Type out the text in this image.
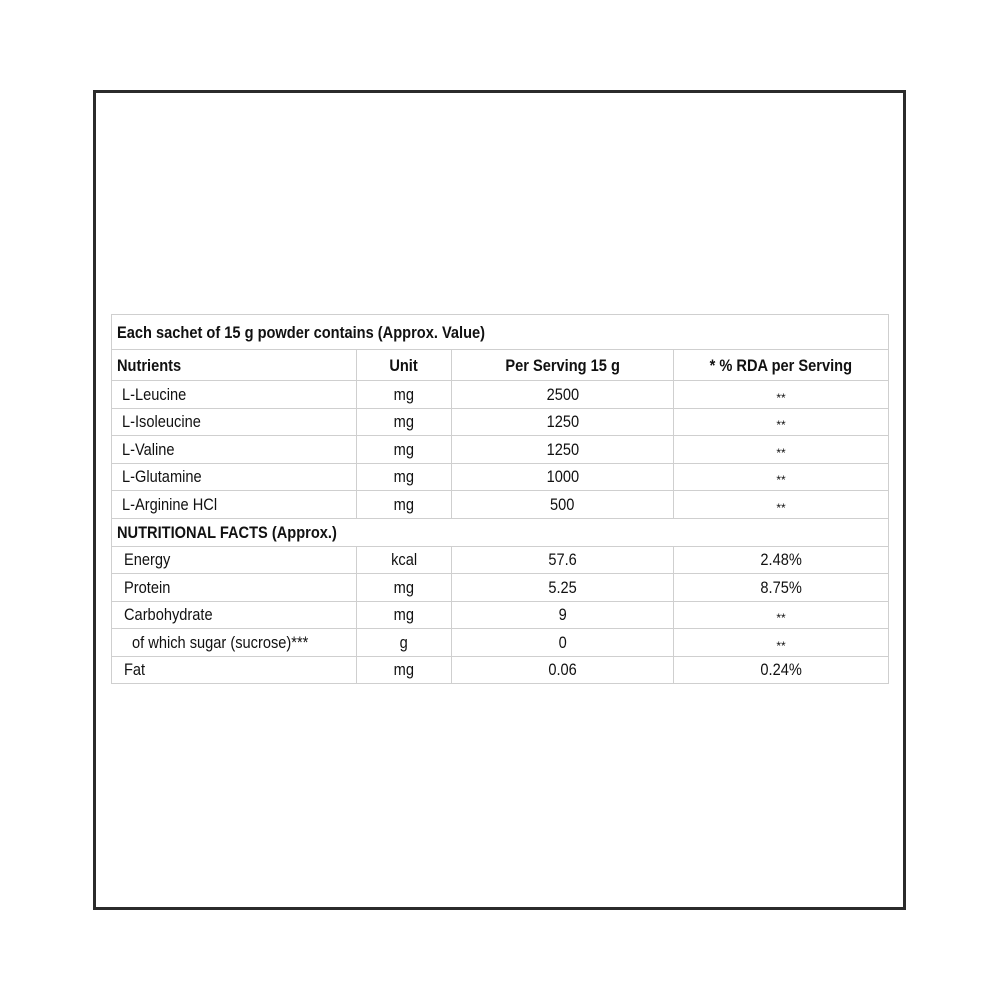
Each sachet of 15 g powder contains (Approx. Value)			
Nutrients	Unit	Per Serving 15 g	* % RDA per Serving
L-Leucine	mg	2500	**
L-Isoleucine	mg	1250	**
L-Valine	mg	1250	**
L-Glutamine	mg	1000	**
L-Arginine HCl	mg	500	**
NUTRITIONAL FACTS (Approx.)			
Energy	kcal	57.6	2.48%
Protein	mg	5.25	8.75%
Carbohydrate	mg	9	**
of which sugar (sucrose)***	g	0	**
Fat	mg	0.06	0.24%
